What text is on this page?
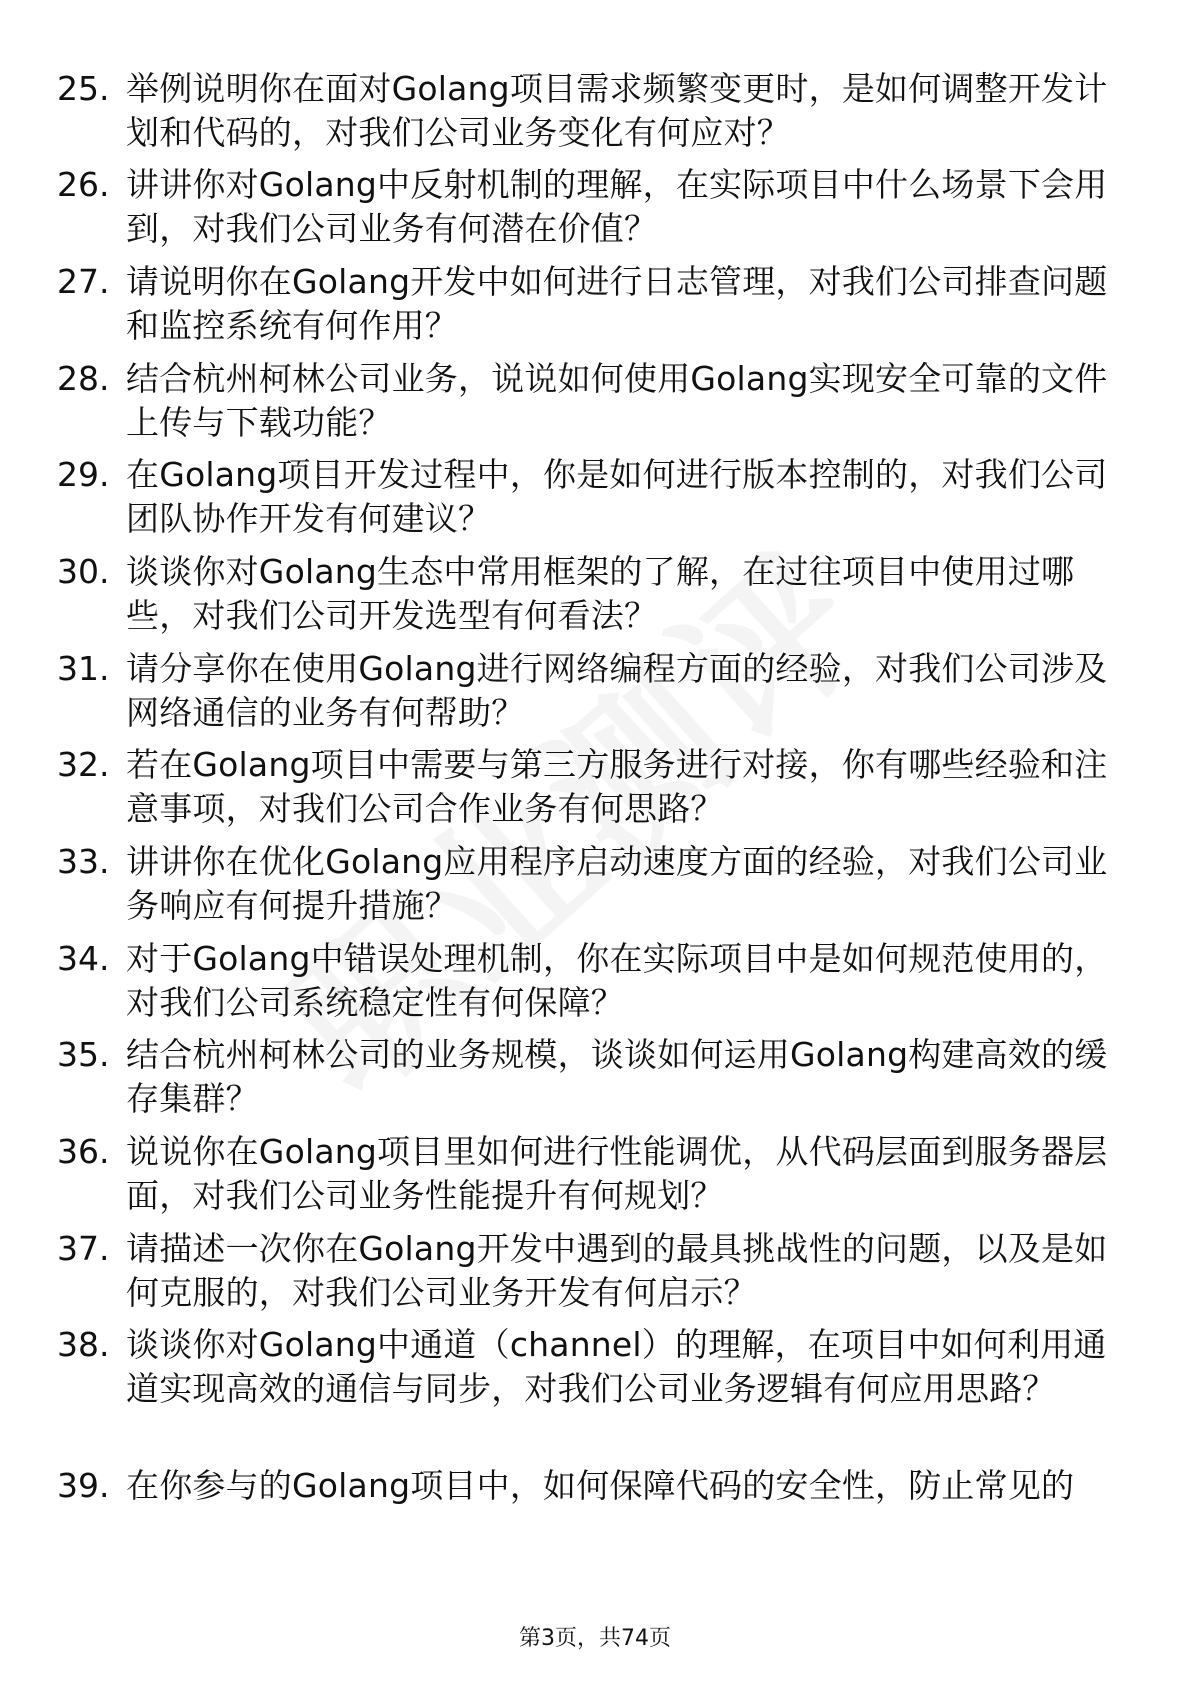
25. 举例说明你在面对Golang项目需求频繁变更时，是如何调整开发计划和代码的，对我们公司业务变化有何应对？
26. 讲讲你对Golang中反射机制的理解，在实际项目中什么场景下会用到，对我们公司业务有何潜在价值？
27. 请说明你在Golang开发中如何进行日志管理，对我们公司排查问题和监控系统有何作用？
28. 结合杭州柯林公司业务，说说如何使用Golang实现安全可靠的文件上传与下载功能？
29. 在Golang项目开发过程中，你是如何进行版本控制的，对我们公司团队协作开发有何建议？
30. 谈谈你对Golang生态中常用框架的了解，在过往项目中使用过哪些，对我们公司开发选型有何看法？
31. 请分享你在使用Golang进行网络编程方面的经验，对我们公司涉及网络通信的业务有何帮助？
32. 若在Golang项目中需要与第三方服务进行对接，你有哪些经验和注意事项，对我们公司合作业务有何思路？
33. 讲讲你在优化Golang应用程序启动速度方面的经验，对我们公司业务响应有何提升措施？
34. 对于Golang中错误处理机制，你在实际项目中是如何规范使用的，对我们公司系统稳定性有何保障？
35. 结合杭州柯林公司的业务规模，谈谈如何运用Golang构建高效的缓存集群？
36. 说说你在Golang项目里如何进行性能调优，从代码层面到服务器层面，对我们公司业务性能提升有何规划？
37. 请描述一次你在Golang开发中遇到的最具挑战性的问题，以及是如何克服的，对我们公司业务开发有何启示？
38. 谈谈你对Golang中通道（channel）的理解，在项目中如何利用通道实现高效的通信与同步，对我们公司业务逻辑有何应用思路？
39. 在你参与的Golang项目中，如何保障代码的安全性，防止常见的
第3页，共74页
